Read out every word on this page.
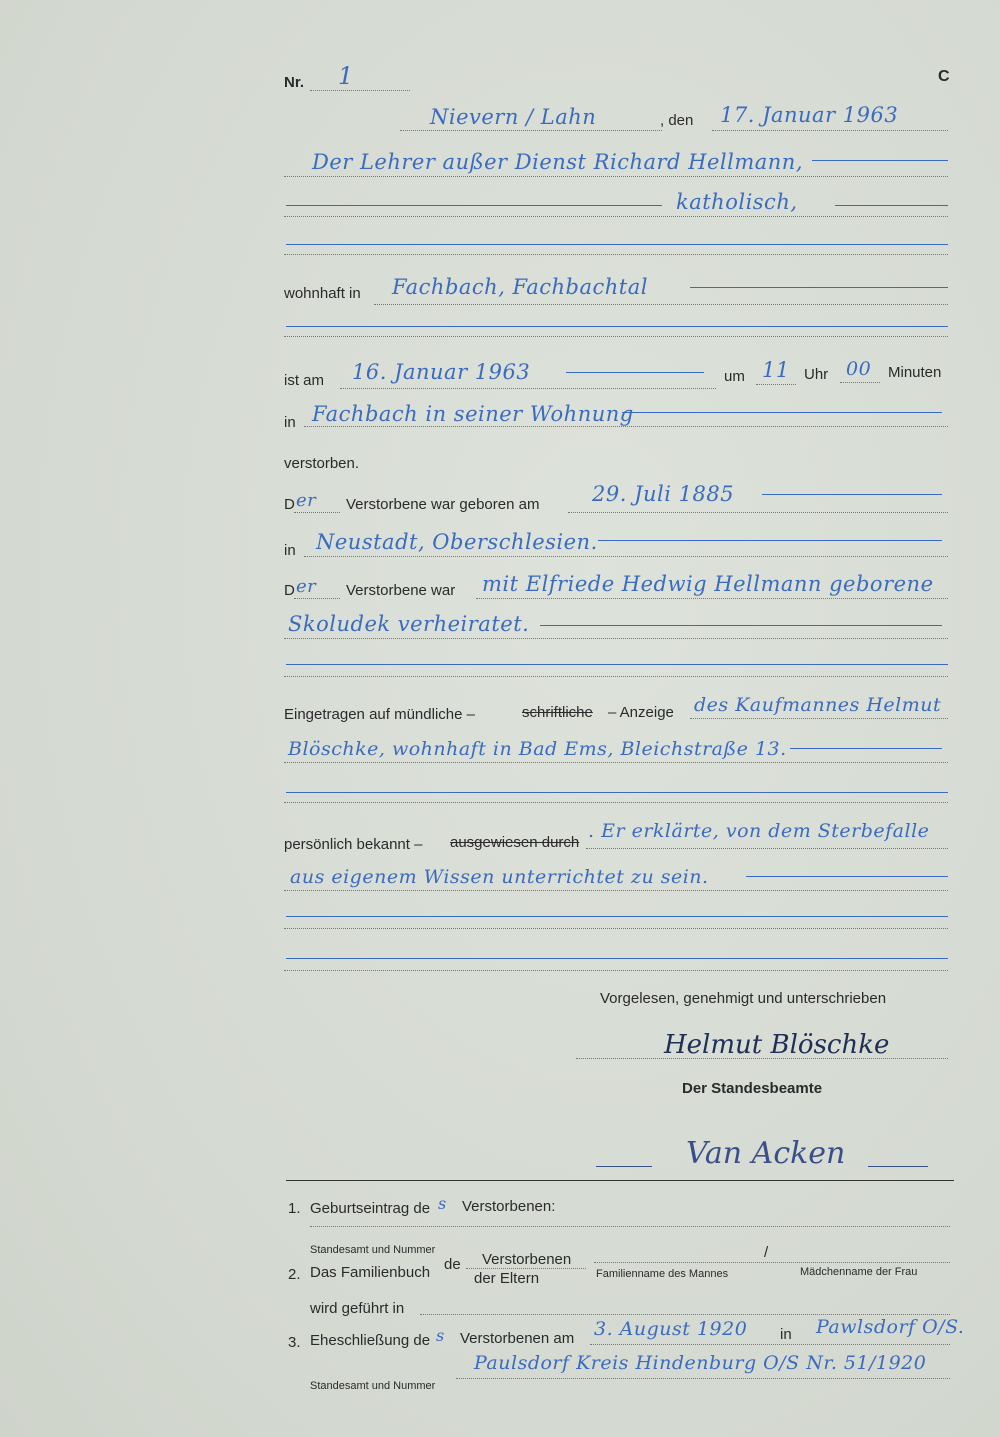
Nr. 1	C
Nievern / Lahn	, den 17. Januar 1963
Der Lehrer außer Dienst Richard Hellmann,
katholisch,
wohnhaft in Fachbach, Fachbachtal
ist am 16. Januar 1963	um 11 Uhr 00 Minuten
in Fachbach in seiner Wohnung
verstorben.
D er Verstorbene war geboren am	29. Juli 1885
in Neustadt, Oberschlesien.
D er Verstorbene war mit Elfriede Hedwig Hellmann geborene
Skoludek verheiratet.
Eingetragen auf mündliche –	schriftliche – Anzeige des Kaufmannes Helmut
Blöschke, wohnhaft in Bad Ems, Bleichstraße 13.
persönlich bekannt – ausgewiesen durch
. Er erklärte, von dem Sterbefalle
aus eigenem Wissen unterrichtet zu sein.
Vorgelesen, genehmigt und unterschrieben
Helmut Blöschke
Der Standesbeamte
Van Acken
1. Geburtseintrag de s Verstorbenen:
Standesamt und Nummer
2. Das Familienbuch de Verstorbenen
der Eltern
/
Familienname des Mannes	Mädchenname der Frau
wird geführt in
3. Eheschließung de s Verstorbenen am 3. August 1920 in Pawlsdorf O/S.
Paulsdorf Kreis Hindenburg O/S Nr. 51/1920
Standesamt und Nummer
